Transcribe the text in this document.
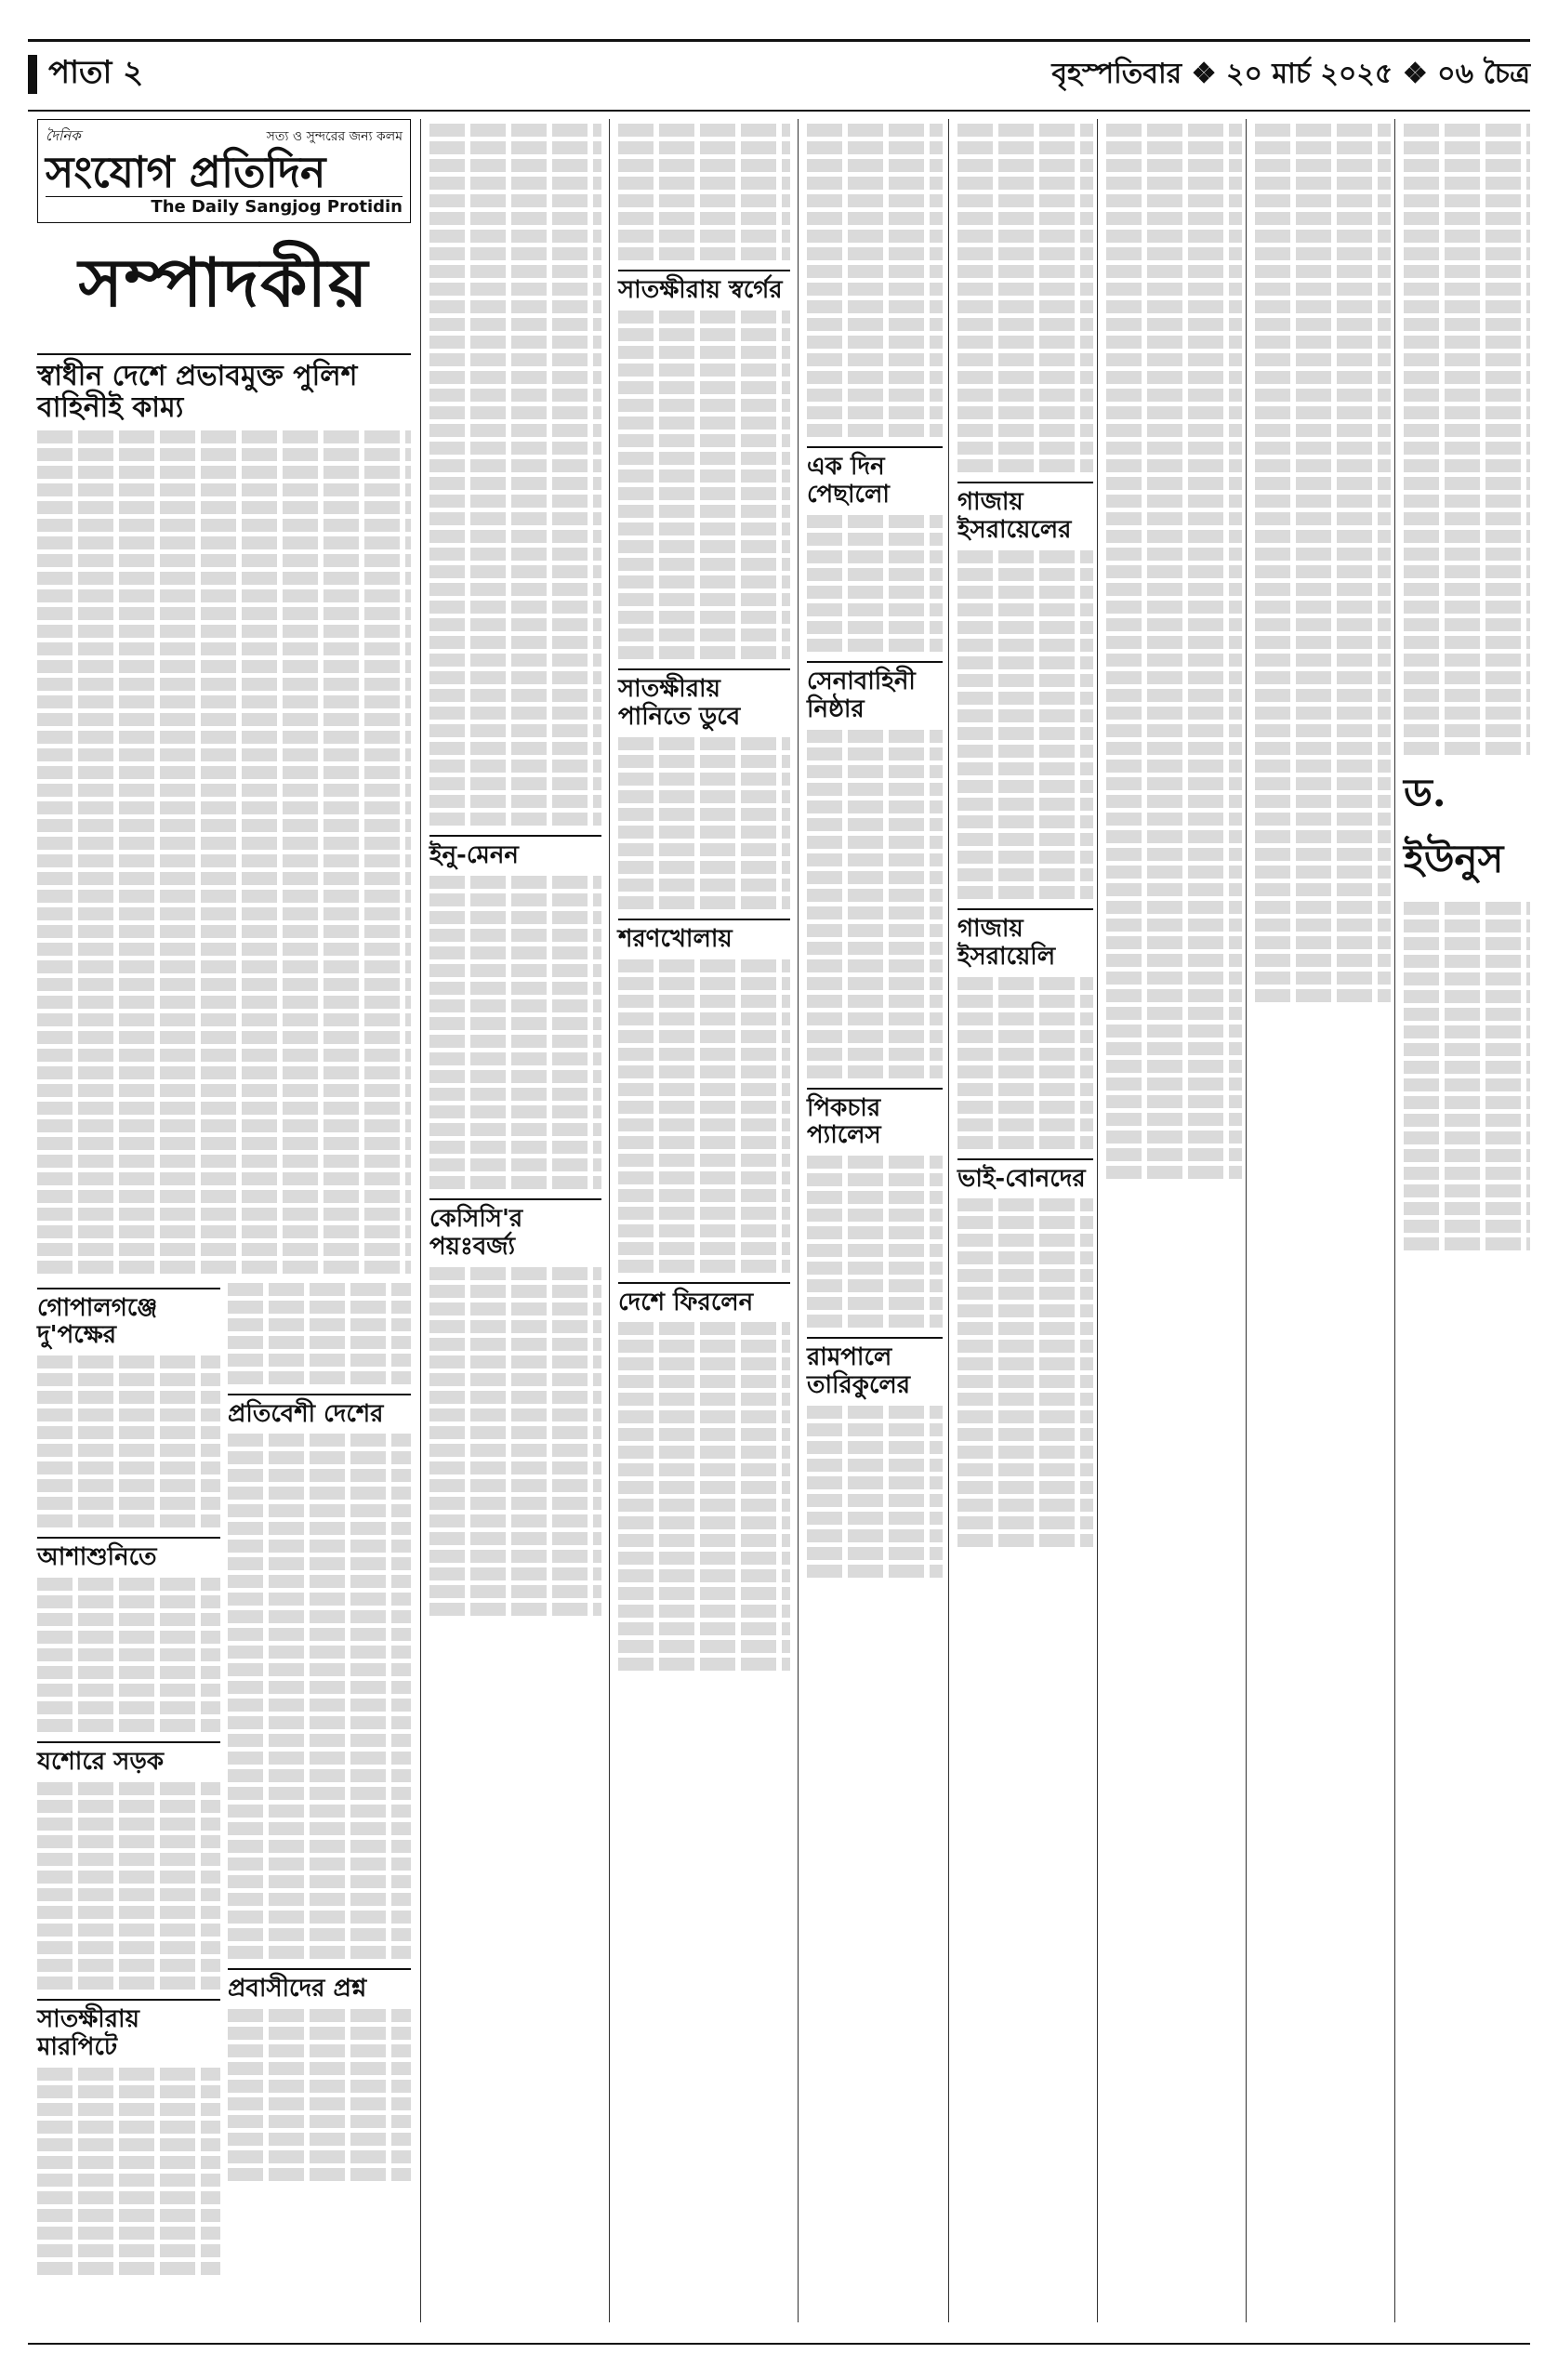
পাতা ২	বৃহস্পতিবার ❖ ২০ মার্চ ২০২৫ ❖ ০৬ চৈত্র
দৈনিক	সত্য ও সুন্দরের জন্য কলম
সংযোগ প্রতিদিন
The Daily Sangjog Protidin
সম্পাদকীয়
স্বাধীন দেশে প্রভাবমুক্ত পুলিশ বাহিনীই কাম্য
গোপালগঞ্জে দু'পক্ষের
আশাশুনিতে
যশোরে সড়ক
সাতক্ষীরায় মারপিটে
প্রতিবেশী দেশের
প্রবাসীদের প্রশ্ন
ইনু-মেনন
কেসিসি'র পয়ঃবর্জ্য
সাতক্ষীরায় স্বর্গের
সাতক্ষীরায় পানিতে ডুবে
শরণখোলায়
দেশে ফিরলেন
এক দিন পেছালো
সেনাবাহিনী নিষ্ঠার
পিকচার প্যালেস
রামপালে তারিকুলের
গাজায় ইসরায়েলের
গাজায় ইসরায়েলি
ভাই-বোনদের
ড. ইউনুস
